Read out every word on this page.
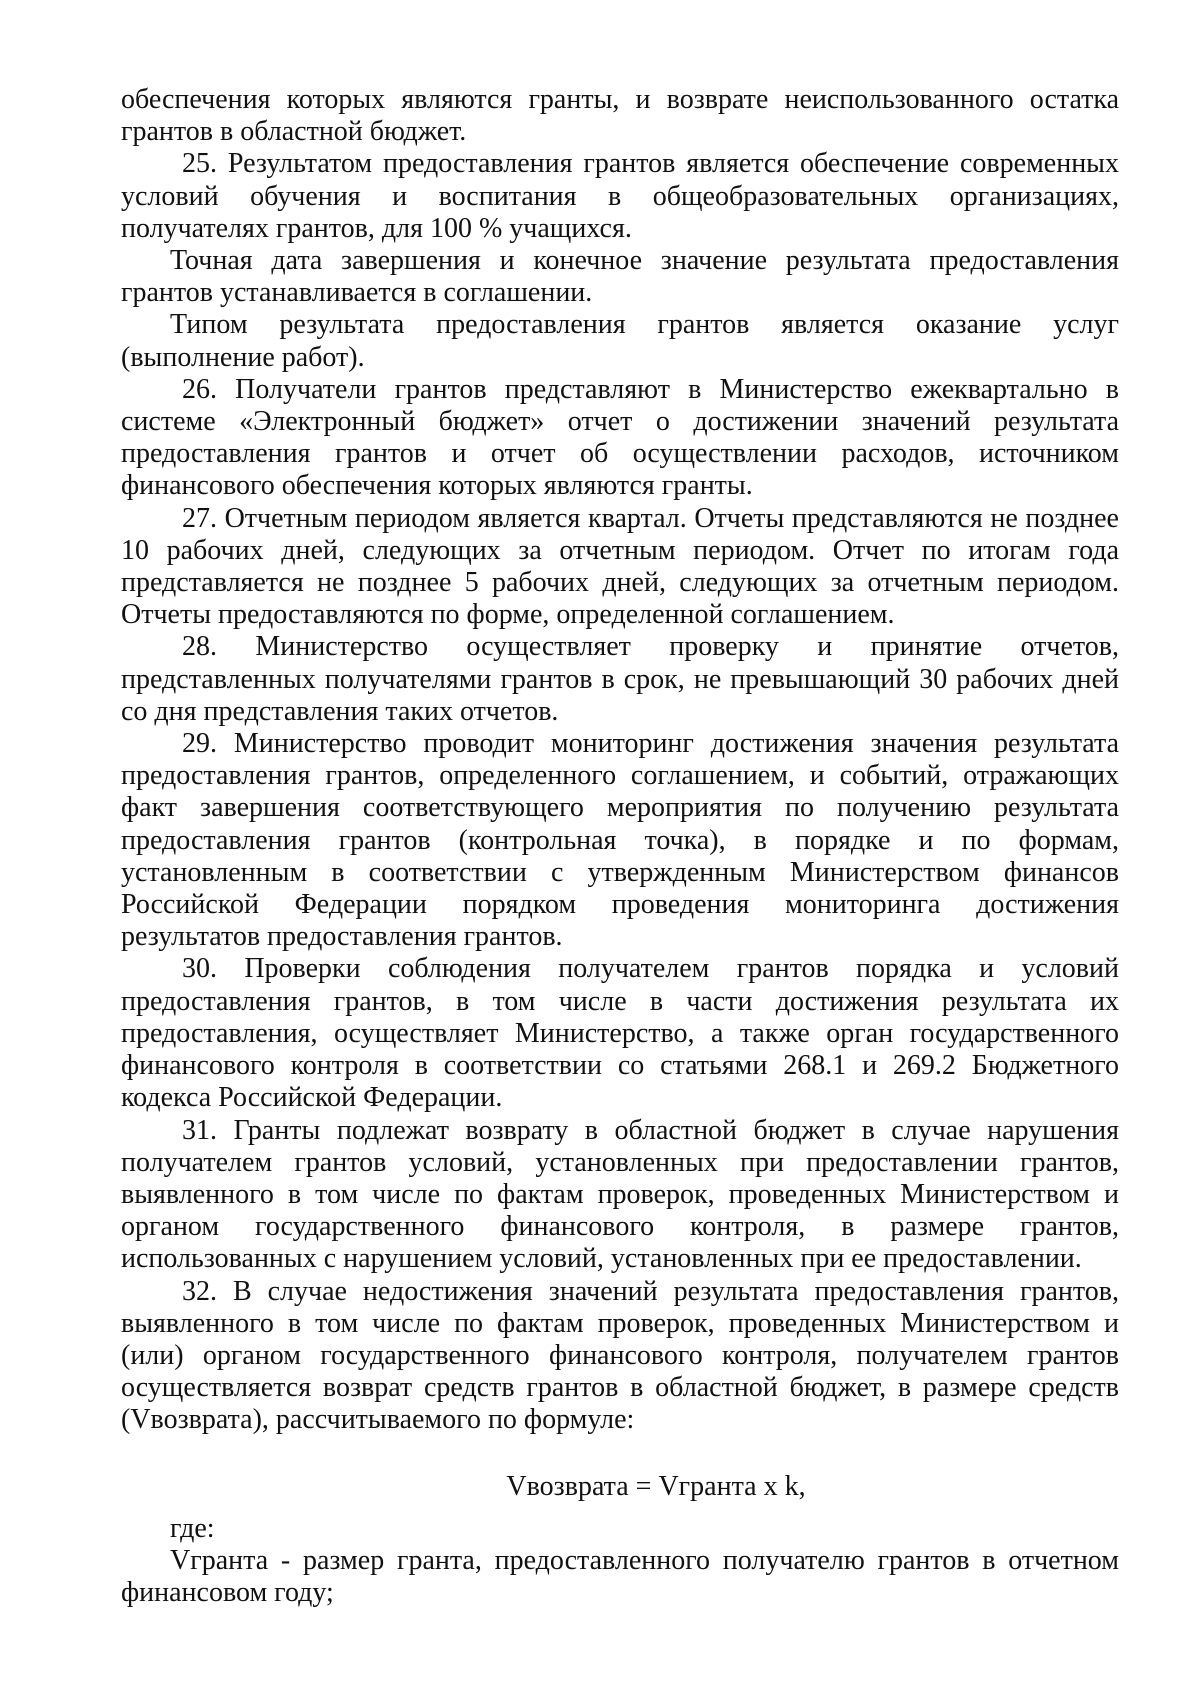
обеспечения которых являются гранты, и возврате неиспользованного остатка грантов в областной бюджет.

25. Результатом предоставления грантов является обеспечение современных условий обучения и воспитания в общеобразовательных организациях, получателях грантов, для 100 % учащихся.

Точная дата завершения и конечное значение результата предоставления грантов устанавливается в соглашении.

Типом результата предоставления грантов является оказание услуг (выполнение работ).

26. Получатели грантов представляют в Министерство ежеквартально в системе «Электронный бюджет» отчет о достижении значений результата предоставления грантов и отчет об осуществлении расходов, источником финансового обеспечения которых являются гранты.

27. Отчетным периодом является квартал. Отчеты представляются не позднее 10 рабочих дней, следующих за отчетным периодом. Отчет по итогам года представляется не позднее 5 рабочих дней, следующих за отчетным периодом. Отчеты предоставляются по форме, определенной соглашением.

28. Министерство осуществляет проверку и принятие отчетов, представленных получателями грантов в срок, не превышающий 30 рабочих дней со дня представления таких отчетов.

29. Министерство проводит мониторинг достижения значения результата предоставления грантов, определенного соглашением, и событий, отражающих факт завершения соответствующего мероприятия по получению результата предоставления грантов (контрольная точка), в порядке и по формам, установленным в соответствии с утвержденным Министерством финансов Российской Федерации порядком проведения мониторинга достижения результатов предоставления грантов.

30. Проверки соблюдения получателем грантов порядка и условий предоставления грантов, в том числе в части достижения результата их предоставления, осуществляет Министерство, а также орган государственного финансового контроля в соответствии со статьями 268.1 и 269.2 Бюджетного кодекса Российской Федерации.

31. Гранты подлежат возврату в областной бюджет в случае нарушения получателем грантов условий, установленных при предоставлении грантов, выявленного в том числе по фактам проверок, проведенных Министерством и органом государственного финансового контроля, в размере грантов, использованных с нарушением условий, установленных при ее предоставлении.

32. В случае недостижения значений результата предоставления грантов, выявленного в том числе по фактам проверок, проведенных Министерством и (или) органом государственного финансового контроля, получателем грантов осуществляется возврат средств грантов в областной бюджет, в размере средств (Vвозврата), рассчитываемого по формуле:

Vвозврата = Vгранта x k,

где:

Vгранта - размер гранта, предоставленного получателю грантов в отчетном финансовом году;
